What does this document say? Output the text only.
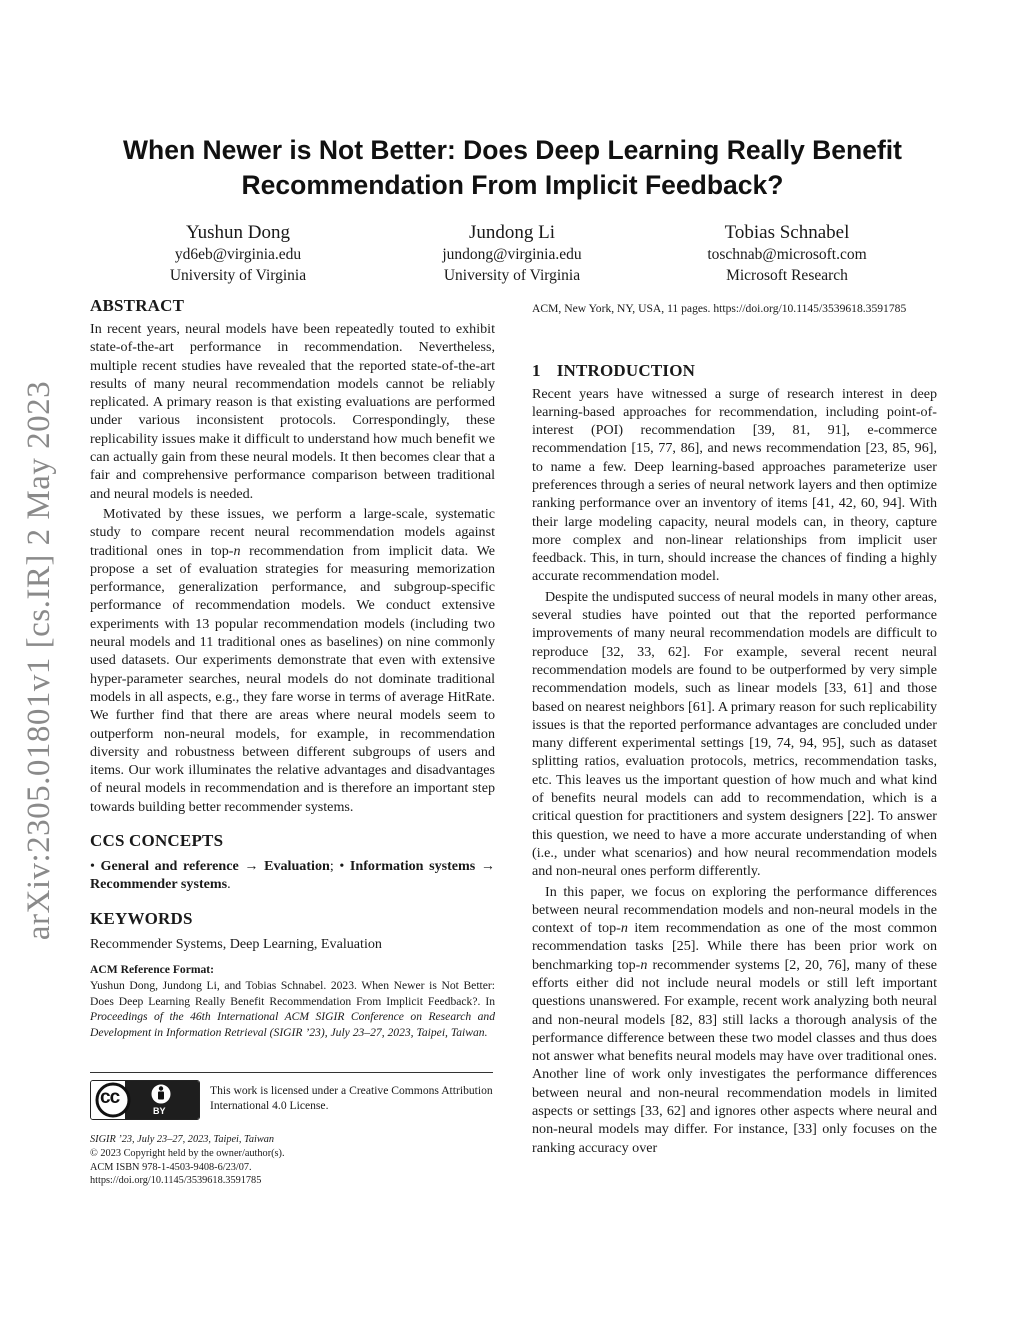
arXiv:2305.01801v1 [cs.IR] 2 May 2023
When Newer is Not Better: Does Deep Learning Really Benefit Recommendation From Implicit Feedback?
Yushun Dong
yd6eb@virginia.edu
University of Virginia
Jundong Li
jundong@virginia.edu
University of Virginia
Tobias Schnabel
toschnab@microsoft.com
Microsoft Research
ABSTRACT

In recent years, neural models have been repeatedly touted to exhibit state-of-the-art performance in recommendation. Nevertheless, multiple recent studies have revealed that the reported state-of-the-art results of many neural recommendation models cannot be reliably replicated. A primary reason is that existing evaluations are performed under various inconsistent protocols. Correspondingly, these replicability issues make it difficult to understand how much benefit we can actually gain from these neural models. It then becomes clear that a fair and comprehensive performance comparison between traditional and neural models is needed.

Motivated by these issues, we perform a large-scale, systematic study to compare recent neural recommendation models against traditional ones in top-n recommendation from implicit data. We propose a set of evaluation strategies for measuring memorization performance, generalization performance, and subgroup-specific performance of recommendation models. We conduct extensive experiments with 13 popular recommendation models (including two neural models and 11 traditional ones as baselines) on nine commonly used datasets. Our experiments demonstrate that even with extensive hyper-parameter searches, neural models do not dominate traditional models in all aspects, e.g., they fare worse in terms of average HitRate. We further find that there are areas where neural models seem to outperform non-neural models, for example, in recommendation diversity and robustness between different subgroups of users and items. Our work illuminates the relative advantages and disadvantages of neural models in recommendation and is therefore an important step towards building better recommender systems.

CCS CONCEPTS

• General and reference → Evaluation; • Information systems → Recommender systems.

KEYWORDS

Recommender Systems, Deep Learning, Evaluation

ACM Reference Format:

Yushun Dong, Jundong Li, and Tobias Schnabel. 2023. When Newer is Not Better: Does Deep Learning Really Benefit Recommendation From Implicit Feedback?. In Proceedings of the 46th International ACM SIGIR Conference on Research and Development in Information Retrieval (SIGIR ’23), July 23–27, 2023, Taipei, Taiwan.

cc
BY
This work is licensed under a Creative Commons Attribution International 4.0 License.
SIGIR ’23, July 23–27, 2023, Taipei, Taiwan
© 2023 Copyright held by the owner/author(s).
ACM ISBN 978-1-4503-9408-6/23/07.
https://doi.org/10.1145/3539618.3591785

ACM, New York, NY, USA, 11 pages. https://doi.org/10.1145/3539618.3591785

1 INTRODUCTION

Recent years have witnessed a surge of research interest in deep learning-based approaches for recommendation, including point-of-interest (POI) recommendation [39, 81, 91], e-commerce recommendation [15, 77, 86], and news recommendation [23, 85, 96], to name a few. Deep learning-based approaches parameterize user preferences through a series of neural network layers and then optimize ranking performance over an inventory of items [41, 42, 60, 94]. With their large modeling capacity, neural models can, in theory, capture more complex and non-linear relationships from implicit user feedback. This, in turn, should increase the chances of finding a highly accurate recommendation model.

Despite the undisputed success of neural models in many other areas, several studies have pointed out that the reported performance improvements of many neural recommendation models are difficult to reproduce [32, 33, 62]. For example, several recent neural recommendation models are found to be outperformed by very simple recommendation models, such as linear models [33, 61] and those based on nearest neighbors [61]. A primary reason for such replicability issues is that the reported performance advantages are concluded under many different experimental settings [19, 74, 94, 95], such as dataset splitting ratios, evaluation protocols, metrics, recommendation tasks, etc. This leaves us the important question of how much and what kind of benefits neural models can add to recommendation, which is a critical question for practitioners and system designers [22]. To answer this question, we need to have a more accurate understanding of when (i.e., under what scenarios) and how neural recommendation models and non-neural ones perform differently.

In this paper, we focus on exploring the performance differences between neural recommendation models and non-neural models in the context of top-n item recommendation as one of the most common recommendation tasks [25]. While there has been prior work on benchmarking top-n recommender systems [2, 20, 76], many of these efforts either did not include neural models or still left important questions unanswered. For example, recent work analyzing both neural and non-neural models [82, 83] still lacks a thorough analysis of the performance difference between these two model classes and thus does not answer what benefits neural models may have over traditional ones. Another line of work only investigates the performance differences between neural and non-neural recommendation models in limited aspects or settings [33, 62] and ignores other aspects where neural and non-neural models may differ. For instance, [33] only focuses on the ranking accuracy over
